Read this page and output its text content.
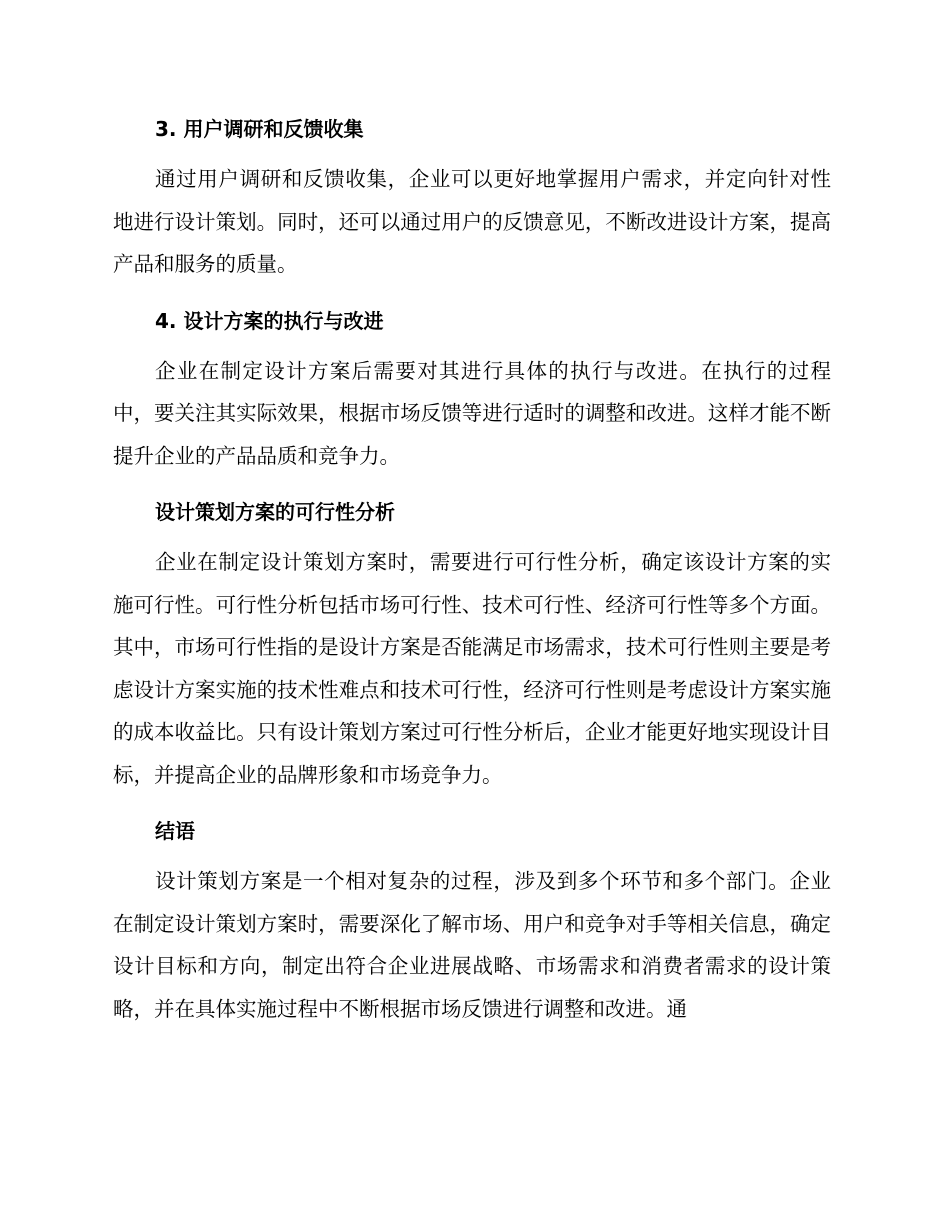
3. 用户调研和反馈收集

通过用户调研和反馈收集，企业可以更好地掌握用户需求，并定向针对性地进行设计策划。同时，还可以通过用户的反馈意见，不断改进设计方案，提高产品和服务的质量。

4. 设计方案的执行与改进

企业在制定设计方案后需要对其进行具体的执行与改进。在执行的过程中，要关注其实际效果，根据市场反馈等进行适时的调整和改进。这样才能不断提升企业的产品品质和竞争力。

设计策划方案的可行性分析

企业在制定设计策划方案时，需要进行可行性分析，确定该设计方案的实施可行性。可行性分析包括市场可行性、技术可行性、经济可行性等多个方面。其中，市场可行性指的是设计方案是否能满足市场需求，技术可行性则主要是考虑设计方案实施的技术性难点和技术可行性，经济可行性则是考虑设计方案实施的成本收益比。只有设计策划方案过可行性分析后，企业才能更好地实现设计目标，并提高企业的品牌形象和市场竞争力。

结语

设计策划方案是一个相对复杂的过程，涉及到多个环节和多个部门。企业在制定设计策划方案时，需要深化了解市场、用户和竞争对手等相关信息，确定设计目标和方向，制定出符合企业进展战略、市场需求和消费者需求的设计策略，并在具体实施过程中不断根据市场反馈进行调整和改进。通
